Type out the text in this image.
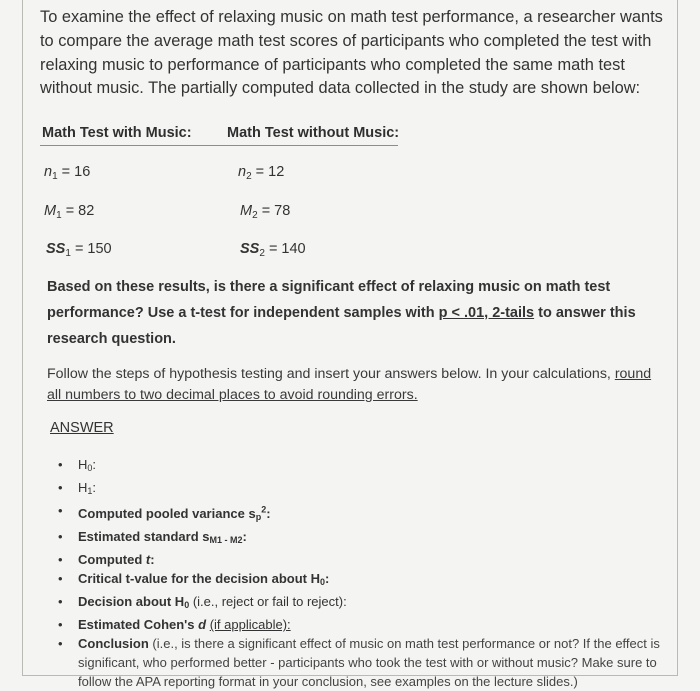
To examine the effect of relaxing music on math test performance, a researcher wants to compare the average math test scores of participants who completed the test with relaxing music to performance of participants who completed the same math test without music. The partially computed data collected in the study are shown below:
Math Test with Music: Math Test without Music:
$n_1 = 16$
$M_1 = 82$
$SS_1 = 150$
$n_2 = 12$
$M_2 = 78$
$SS_2 = 140$
Based on these results, is there a significant effect of relaxing music on math test performance? Use a t-test for independent samples with p < .01, 2-tails to answer this research question.
Follow the steps of hypothesis testing and insert your answers below. In your calculations, round all numbers to two decimal places to avoid rounding errors.
ANSWER
• $H_0$:
• $H_1$:
• Computed pooled variance $s_p^2$:
• Estimated standard $s_{M1 - M2}$:
• Computed t:
• Critical t-value for the decision about $H_0$:
• Decision about $H_0$ (i.e., reject or fail to reject):
• Estimated Cohen's d (if applicable):
• Conclusion (i.e., is there a significant effect of music on math test performance or not? If the effect is significant, who performed better - participants who took the test with or without music? Make sure to follow the APA reporting format in your conclusion, see examples on the lecture slides.)
